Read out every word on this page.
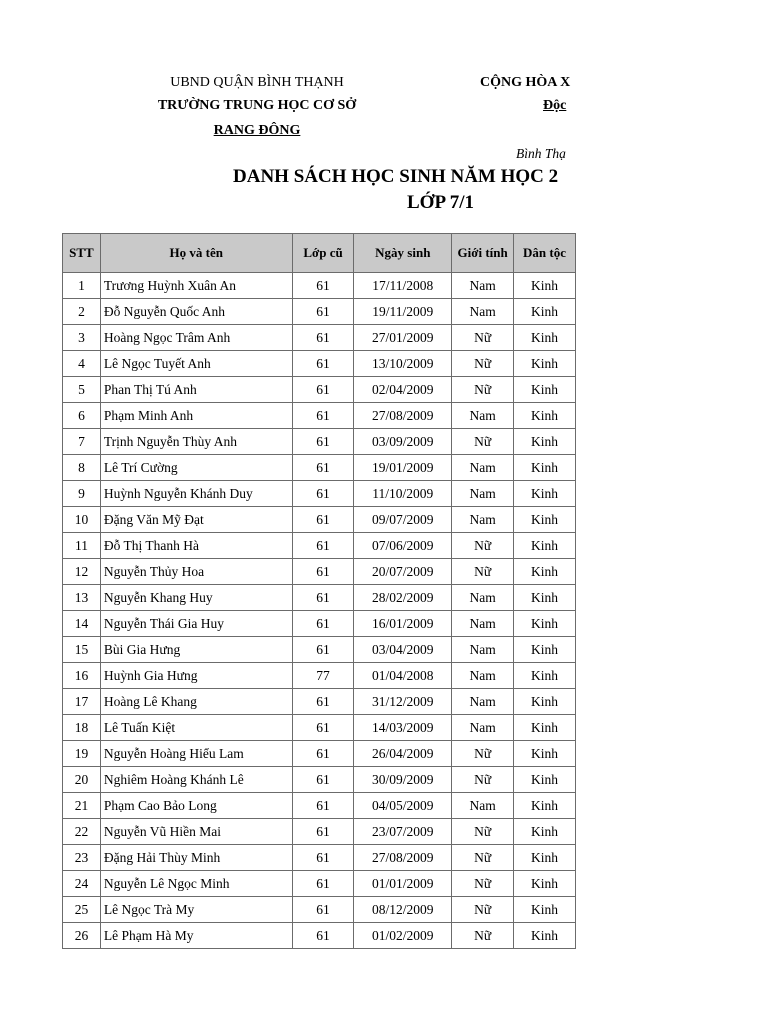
UBND QUẬN BÌNH THẠNH
TRƯỜNG TRUNG HỌC CƠ SỞ
RANG ĐÔNG
CỘNG HÒA X
Độc
Bình Thạ
DANH SÁCH HỌC SINH NĂM HỌC 2
LỚP 7/1
STT	Họ và tên	Lớp cũ	Ngày sinh	Giới tính	Dân tộc
1	Trương Huỳnh Xuân An	61	17/11/2008	Nam	Kinh
2	Đỗ Nguyễn Quốc Anh	61	19/11/2009	Nam	Kinh
3	Hoàng Ngọc Trâm Anh	61	27/01/2009	Nữ	Kinh
4	Lê Ngọc Tuyết Anh	61	13/10/2009	Nữ	Kinh
5	Phan Thị Tú Anh	61	02/04/2009	Nữ	Kinh
6	Phạm Minh Anh	61	27/08/2009	Nam	Kinh
7	Trịnh Nguyễn Thùy Anh	61	03/09/2009	Nữ	Kinh
8	Lê Trí Cường	61	19/01/2009	Nam	Kinh
9	Huỳnh Nguyễn Khánh Duy	61	11/10/2009	Nam	Kinh
10	Đặng Văn Mỹ Đạt	61	09/07/2009	Nam	Kinh
11	Đỗ Thị Thanh Hà	61	07/06/2009	Nữ	Kinh
12	Nguyễn Thủy Hoa	61	20/07/2009	Nữ	Kinh
13	Nguyễn Khang Huy	61	28/02/2009	Nam	Kinh
14	Nguyễn Thái Gia Huy	61	16/01/2009	Nam	Kinh
15	Bùi Gia Hưng	61	03/04/2009	Nam	Kinh
16	Huỳnh Gia Hưng	77	01/04/2008	Nam	Kinh
17	Hoàng Lê Khang	61	31/12/2009	Nam	Kinh
18	Lê Tuấn Kiệt	61	14/03/2009	Nam	Kinh
19	Nguyễn Hoàng Hiểu Lam	61	26/04/2009	Nữ	Kinh
20	Nghiêm Hoàng Khánh Lê	61	30/09/2009	Nữ	Kinh
21	Phạm Cao Bảo Long	61	04/05/2009	Nam	Kinh
22	Nguyễn Vũ Hiền Mai	61	23/07/2009	Nữ	Kinh
23	Đặng Hải Thùy Minh	61	27/08/2009	Nữ	Kinh
24	Nguyễn Lê Ngọc Minh	61	01/01/2009	Nữ	Kinh
25	Lê Ngọc Trà My	61	08/12/2009	Nữ	Kinh
26	Lê Phạm Hà My	61	01/02/2009	Nữ	Kinh
